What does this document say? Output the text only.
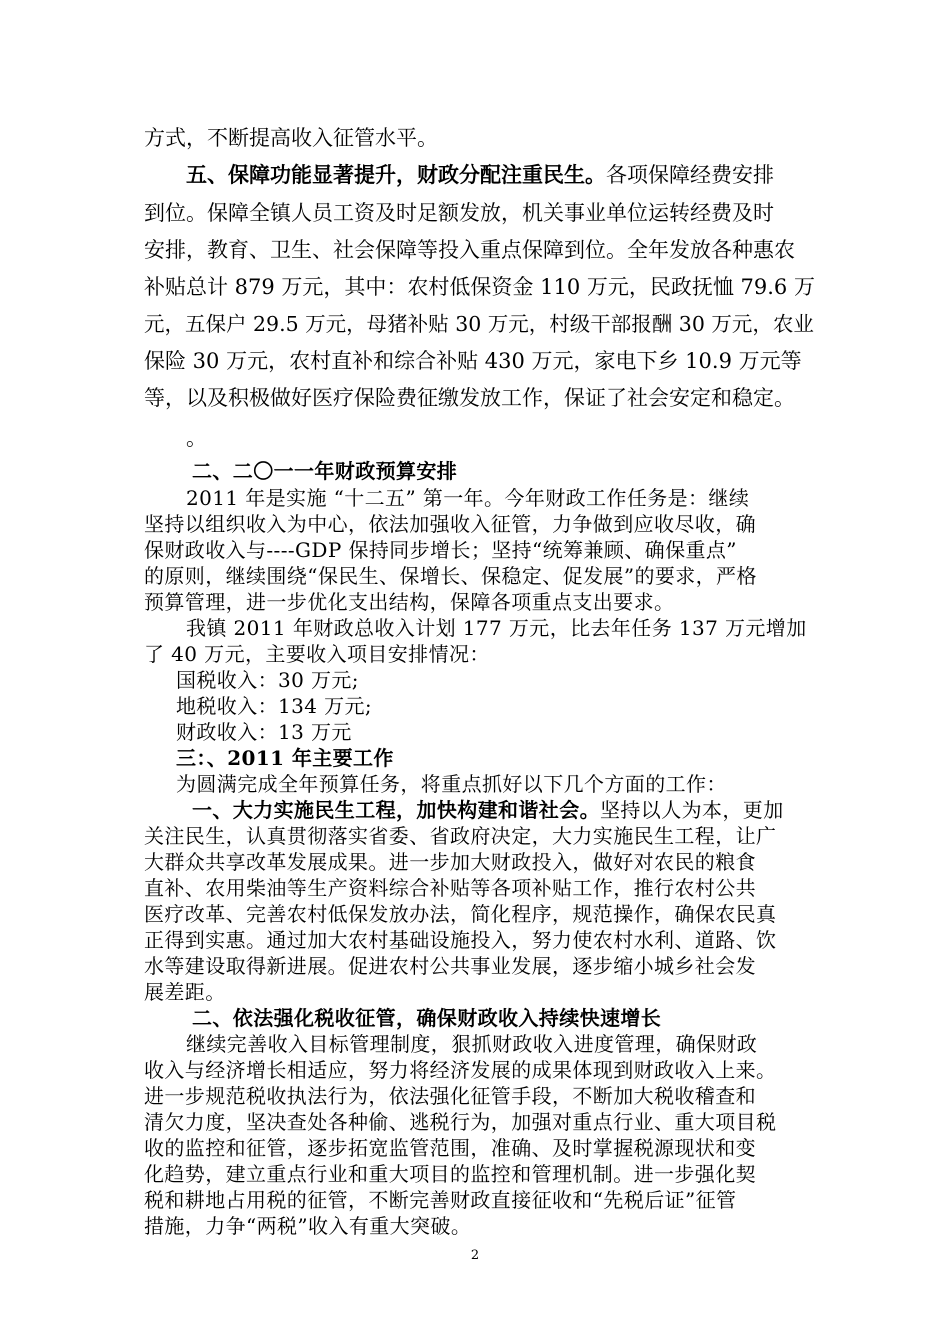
方式，不断提高收入征管水平。
五、保障功能显著提升，财政分配注重民生。各项保障经费安排
到位。保障全镇人员工资及时足额发放，机关事业单位运转经费及时
安排，教育、卫生、社会保障等投入重点保障到位。全年发放各种惠农
补贴总计 879 万元，其中：农村低保资金 110 万元，民政抚恤 79.6 万
元，五保户 29.5 万元，母猪补贴 30 万元，村级干部报酬 30 万元，农业
保险 30 万元，农村直补和综合补贴 430 万元，家电下乡 10.9 万元等
等，以及积极做好医疗保险费征缴发放工作，保证了社会安定和稳定。
。
二、二〇一一年财政预算安排
2011 年是实施 “十二五” 第一年。今年财政工作任务是：继续
坚持以组织收入为中心，依法加强收入征管，力争做到应收尽收，确
保财政收入与----GDP 保持同步增长；坚持“统筹兼顾、确保重点”
的原则，继续围绕“保民生、保增长、保稳定、促发展”的要求，严格
预算管理，进一步优化支出结构，保障各项重点支出要求。
我镇 2011 年财政总收入计划 177 万元，比去年任务 137 万元增加
了 40 万元，主要收入项目安排情况：
国税收入：30 万元;
地税收入：134 万元;
财政收入：13 万元
三：、2011 年主要工作
为圆满完成全年预算任务，将重点抓好以下几个方面的工作：
一、大力实施民生工程，加快构建和谐社会。坚持以人为本，更加
关注民生，认真贯彻落实省委、省政府决定，大力实施民生工程，让广
大群众共享改革发展成果。进一步加大财政投入，做好对农民的粮食
直补、农用柴油等生产资料综合补贴等各项补贴工作，推行农村公共
医疗改革、完善农村低保发放办法，简化程序，规范操作，确保农民真
正得到实惠。通过加大农村基础设施投入，努力使农村水利、道路、饮
水等建设取得新进展。促进农村公共事业发展，逐步缩小城乡社会发
展差距。
二、依法强化税收征管，确保财政收入持续快速增长
继续完善收入目标管理制度，狠抓财政收入进度管理，确保财政
收入与经济增长相适应，努力将经济发展的成果体现到财政收入上来。
进一步规范税收执法行为，依法强化征管手段，不断加大税收稽查和
清欠力度，坚决查处各种偷、逃税行为，加强对重点行业、重大项目税
收的监控和征管，逐步拓宽监管范围，准确、及时掌握税源现状和变
化趋势，建立重点行业和重大项目的监控和管理机制。进一步强化契
税和耕地占用税的征管，不断完善财政直接征收和“先税后证”征管
措施，力争“两税”收入有重大突破。
2
